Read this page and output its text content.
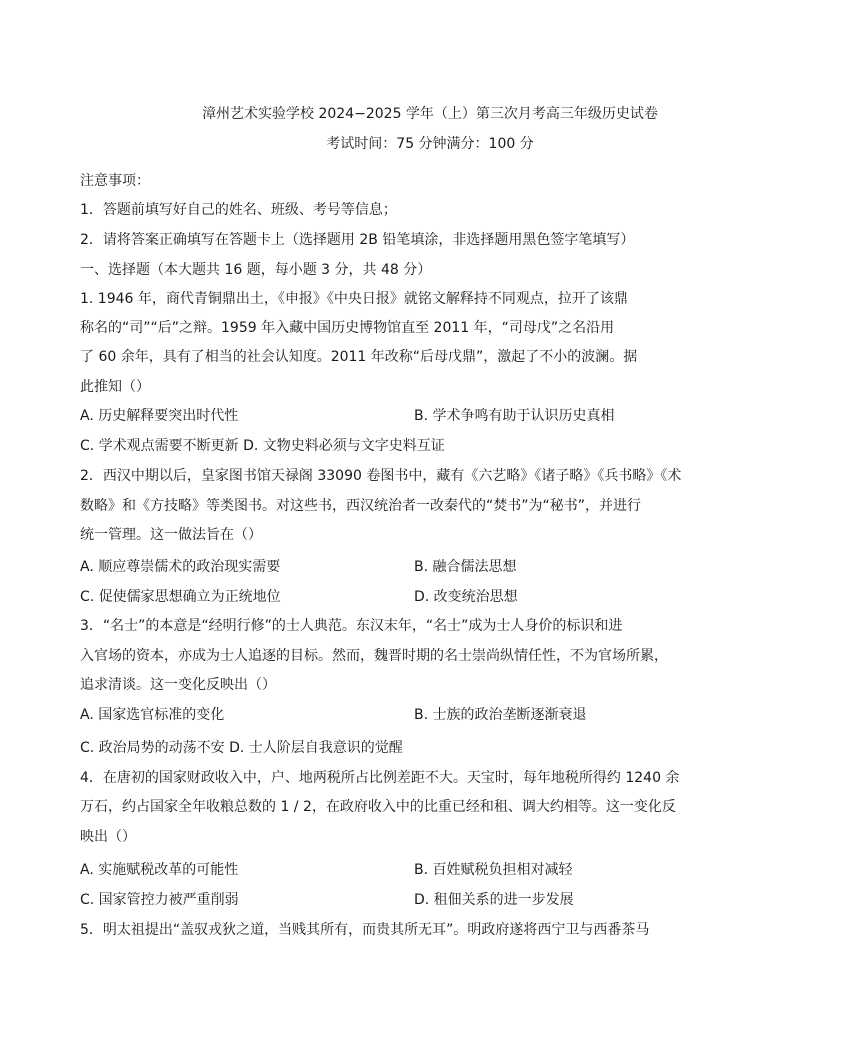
漳州艺术实验学校 2024−2025 学年（上）第三次月考高三年级历史试卷
考试时间：75 分钟满分：100 分
注意事项：
1．答题前填写好自己的姓名、班级、考号等信息；
2．请将答案正确填写在答题卡上（选择题用 2B 铅笔填涂，非选择题用黑色签字笔填写）
一、选择题（本大题共 16 题，每小题 3 分，共 48 分）
1. 1946 年，商代青铜鼎出土，《申报》《中央日报》就铭文解释持不同观点，拉开了该鼎
称名的“司”“后”之辩。1959 年入藏中国历史博物馆直至 2011 年，“司母戊”之名沿用
了 60 余年，具有了相当的社会认知度。2011 年改称“后母戊鼎”，激起了不小的波澜。据
此推知（）
A. 历史解释要突出时代性	B. 学术争鸣有助于认识历史真相
C. 学术观点需要不断更新 D. 文物史料必须与文字史料互证
2．西汉中期以后，皇家图书馆天禄阁 33090 卷图书中，藏有《六艺略》《诸子略》《兵书略》《术
数略》和《方技略》等类图书。对这些书，西汉统治者一改秦代的“焚书”为“秘书”，并进行
统一管理。这一做法旨在（）
A. 顺应尊崇儒术的政治现实需要	B. 融合儒法思想
C. 促使儒家思想确立为正统地位	D. 改变统治思想
3．“名士”的本意是“经明行修”的士人典范。东汉末年，“名士”成为士人身价的标识和进
入官场的资本，亦成为士人追逐的目标。然而，魏晋时期的名士崇尚纵情任性，不为官场所累，
追求清谈。这一变化反映出（）
A. 国家选官标准的变化	B. 士族的政治垄断逐渐衰退
C. 政治局势的动荡不安 D. 士人阶层自我意识的觉醒
4．在唐初的国家财政收入中，户、地两税所占比例差距不大。天宝时，每年地税所得约 1240 余
万石，约占国家全年收粮总数的 1 / 2，在政府收入中的比重已经和租、调大约相等。这一变化反
映出（）
A. 实施赋税改革的可能性	B. 百姓赋税负担相对减轻
C. 国家管控力被严重削弱	D. 租佃关系的进一步发展
5．明太祖提出“盖驭戎狄之道，当贱其所有，而贵其所无耳”。明政府遂将西宁卫与西番茶马
